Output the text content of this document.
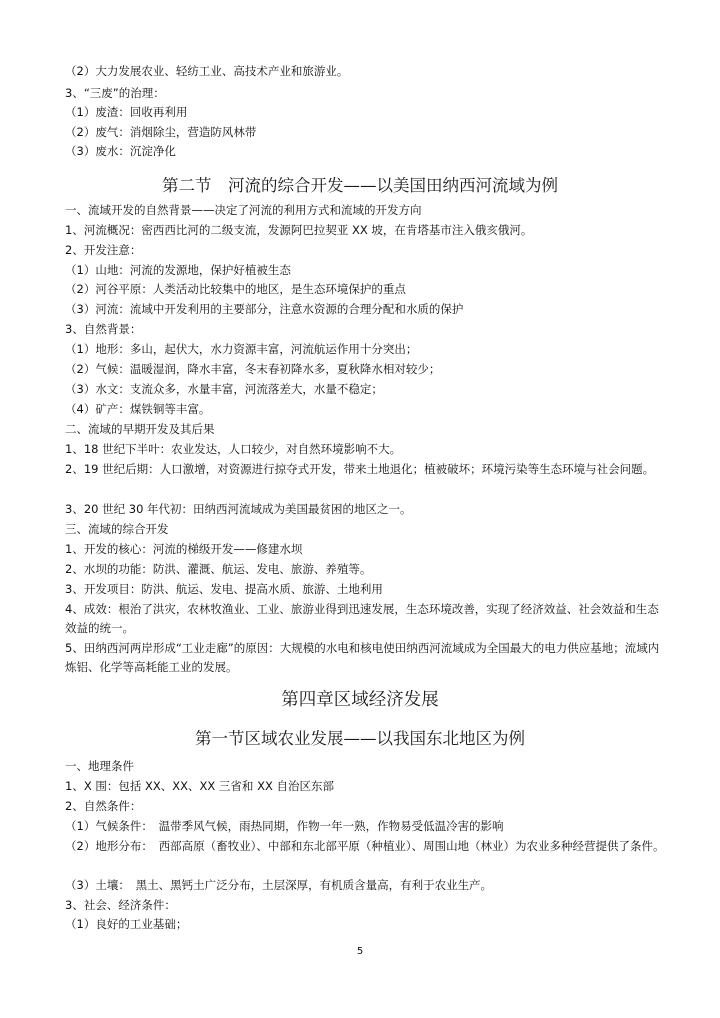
（2）大力发展农业、轻纺工业、高技术产业和旅游业。
3、“三废”的治理：
（1）废渣：回收再利用
（2）废气：消烟除尘，营造防风林带
（3）废水：沉淀净化
第二节　河流的综合开发——以美国田纳西河流域为例
一、流域开发的自然背景——决定了河流的利用方式和流域的开发方向
1、河流概况：密西西比河的二级支流，发源阿巴拉契亚 XX 坡，在肯塔基市注入俄亥俄河。
2、开发注意：
（1）山地：河流的发源地，保护好植被生态
（2）河谷平原：人类活动比较集中的地区，是生态环境保护的重点
（3）河流：流域中开发利用的主要部分，注意水资源的合理分配和水质的保护
3、自然背景：
（1）地形：多山，起伏大，水力资源丰富，河流航运作用十分突出；
（2）气候：温暖湿润，降水丰富，冬末春初降水多，夏秋降水相对较少；
（3）水文：支流众多，水量丰富，河流落差大，水量不稳定；
（4）矿产：煤铁铜等丰富。
二、流域的早期开发及其后果
1、18 世纪下半叶：农业发达，人口较少，对自然环境影响不大。
2、19 世纪后期：人口激增，对资源进行掠夺式开发，带来土地退化；植被破坏；环境污染等生态环境与社会问题。
3、20 世纪 30 年代初：田纳西河流域成为美国最贫困的地区之一。
三、流域的综合开发
1、开发的核心：河流的梯级开发——修建水坝
2、水坝的功能：防洪、灌溉、航运、发电、旅游、养殖等。
3、开发项目：防洪、航运、发电、提高水质、旅游、土地利用
4、成效：根治了洪灾，农林牧渔业、工业、旅游业得到迅速发展，生态环境改善，实现了经济效益、社会效益和生态效益的统一。
5、田纳西河两岸形成“工业走廊”的原因：大规模的水电和核电使田纳西河流域成为全国最大的电力供应基地；流域内炼铝、化学等高耗能工业的发展。
第四章区域经济发展
第一节区域农业发展——以我国东北地区为例
一、地理条件
1、X 围：包括 XX、XX、XX 三省和 XX 自治区东部
2、自然条件：
（1）气候条件：　温带季风气候，雨热同期，作物一年一熟，作物易受低温冷害的影响
（2）地形分布：　西部高原（畜牧业）、中部和东北部平原（种植业）、周围山地（林业）为农业多种经营提供了条件。
（3）土壤：　黑土、黑钙土广泛分布，土层深厚，有机质含量高，有利于农业生产。
3、社会、经济条件：
（1）良好的工业基础；
5
